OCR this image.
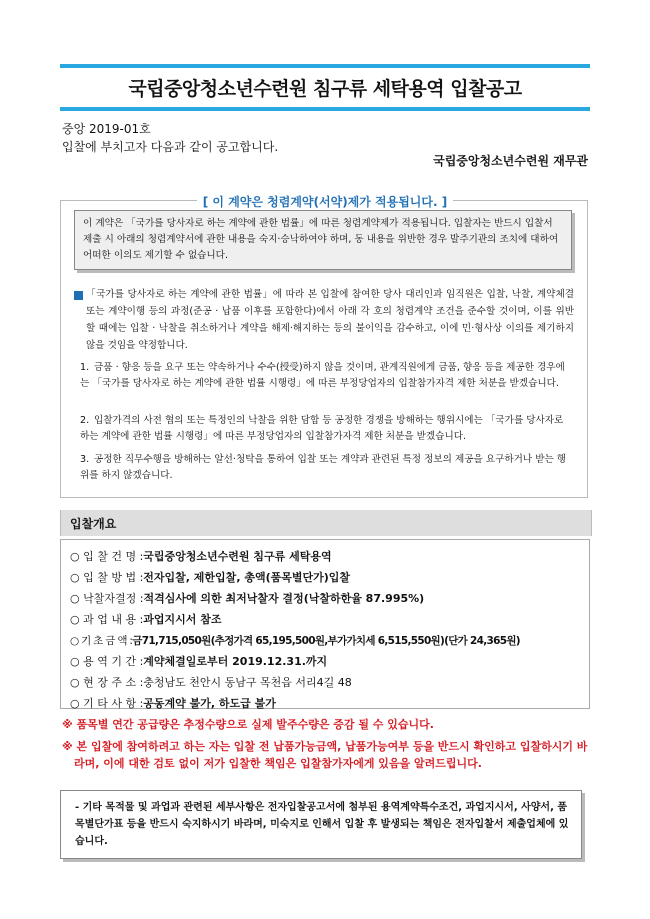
국립중앙청소년수련원 침구류 세탁용역 입찰공고
중앙 2019-01호
입찰에 부치고자 다음과 같이 공고합니다.
국립중앙청소년수련원 재무관
[ 이 계약은 청렴계약(서약)제가 적용됩니다. ]
이 계약은 「국가를 당사자로 하는 계약에 관한 법률」에 따른 청렴계약제가 적용됩니다. 입찰자는 반드시 입찰서 제출 시 아래의 청렴계약서에 관한 내용을 숙지·승낙하여야 하며, 동 내용을 위반한 경우 발주기관의 조치에 대하여 어떠한 이의도 제기할 수 없습니다.
「국가를 당사자로 하는 계약에 관한 법률」에 따라 본 입찰에 참여한 당사 대리인과 임직원은 입찰, 낙찰, 계약체결 또는 계약이행 등의 과정(준공 · 납품 이후를 포함한다)에서 아래 각 호의 청렴계약 조건을 준수할 것이며, 이를 위반할 때에는 입찰 · 낙찰을 취소하거나 계약을 해제·해지하는 등의 불이익을 감수하고, 이에 민·형사상 이의를 제기하지 않을 것임을 약정합니다.
1. 금품 · 향응 등을 요구 또는 약속하거나 수수(授受)하지 않을 것이며, 관계직원에게 금품, 향응 등을 제공한 경우에는 「국가를 당사자로 하는 계약에 관한 법률 시행령」에 따른 부정당업자의 입찰참가자격 제한 처분을 받겠습니다.
2. 입찰가격의 사전 협의 또는 특정인의 낙찰을 위한 담합 등 공정한 경쟁을 방해하는 행위시에는 「국가를 당사자로 하는 계약에 관한 법률 시행령」에 따른 부정당업자의 입찰참가자격 제한 처분을 받겠습니다.
3. 공정한 직무수행을 방해하는 알선·청탁을 통하여 입찰 또는 계약과 관련된 특정 정보의 제공을 요구하거나 받는 행위를 하지 않겠습니다.
입찰개요
○ 입 찰 건 명 :국립중앙청소년수련원 침구류 세탁용역
○ 입 찰 방 법 :전자입찰, 제한입찰, 총액(품목별단가)입찰
○ 낙찰자결정 :적격심사에 의한 최저낙찰자 결정(낙찰하한율 87.995%)
○ 과 업 내 용 :과업지시서 참조
○ 기 초 금 액 :금71,715,050원(추정가격 65,195,500원,부가가치세 6,515,550원)(단가 24,365원)
○ 용 역 기 간 :계약체결일로부터 2019.12.31.까지
○ 현 장 주 소 :충청남도 천안시 동남구 목천읍 서리4길 48
○ 기 타 사 항 :공동계약 불가, 하도급 불가
※ 품목별 연간 공급량은 추정수량으로 실제 발주수량은 증감 될 수 있습니다.
※ 본 입찰에 참여하려고 하는 자는 입찰 전 납품가능금액, 납품가능여부 등을 반드시 확인하고 입찰하시기 바라며, 이에 대한 검토 없이 저가 입찰한 책임은 입찰참가자에게 있음을 알려드립니다.
- 기타 목적물 및 과업과 관련된 세부사항은 전자입찰공고서에 첨부된 용역계약특수조건, 과업지시서, 사양서, 품목별단가표 등을 반드시 숙지하시기 바라며, 미숙지로 인해서 입찰 후 발생되는 책임은 전자입찰서 제출업체에 있습니다.
